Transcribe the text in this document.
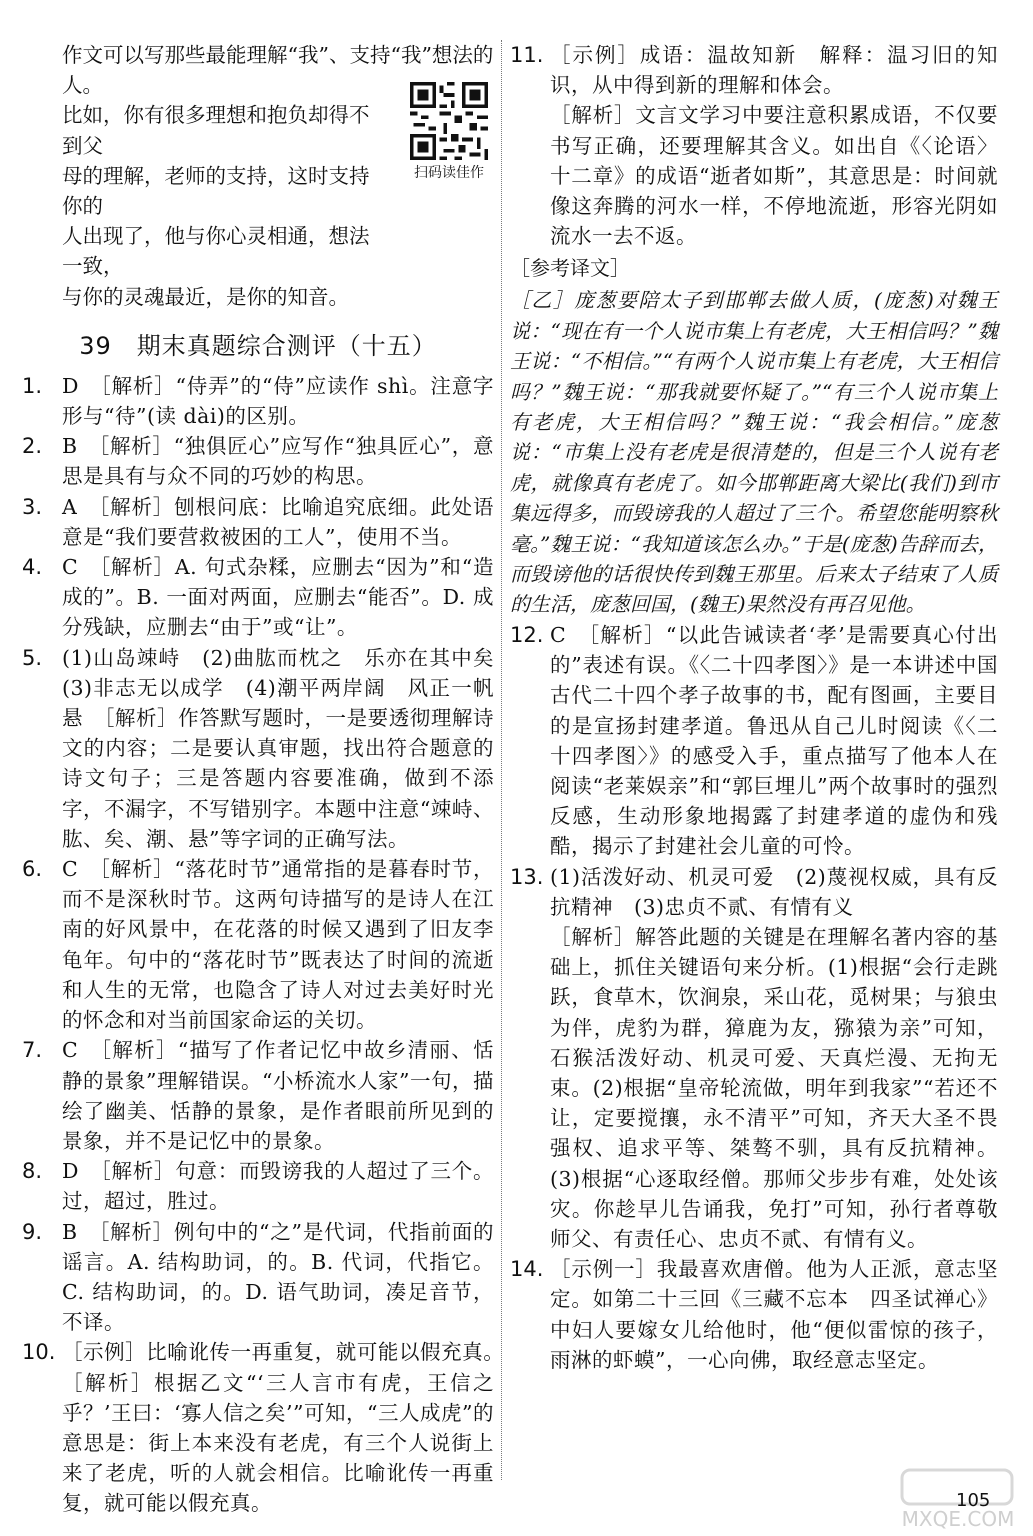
作文可以写那些最能理解“我”、支持“我”想法的人。

比如，你有很多理想和抱负却得不到父

母的理解，老师的支持，这时支持你的

人出现了，他与你心灵相通，想法一致，

与你的灵魂最近，是你的知音。

扫码读佳作
39　期末真题综合测评（十五）
1. D　［解析］“侍弄”的“侍”应读作 shì。注意字形与“待”(读 dài)的区别。

2. B　［解析］“独俱匠心”应写作“独具匠心”，意思是具有与众不同的巧妙的构思。

3. A　［解析］刨根问底：比喻追究底细。此处语意是“我们要营救被困的工人”，使用不当。

4. C　［解析］A. 句式杂糅，应删去“因为”和“造成的”。B. 一面对两面，应删去“能否”。D. 成分残缺，应删去“由于”或“让”。

5. (1)山岛竦峙　(2)曲肱而枕之　乐亦在其中矣　(3)非志无以成学　(4)潮平两岸阔　风正一帆悬　［解析］作答默写题时，一是要透彻理解诗文的内容；二是要认真审题，找出符合题意的诗文句子；三是答题内容要准确，做到不添字，不漏字，不写错别字。本题中注意“竦峙、肱、矣、潮、悬”等字词的正确写法。

6. C　［解析］“落花时节”通常指的是暮春时节，而不是深秋时节。这两句诗描写的是诗人在江南的好风景中，在花落的时候又遇到了旧友李龟年。句中的“落花时节”既表达了时间的流逝和人生的无常，也隐含了诗人对过去美好时光的怀念和对当前国家命运的关切。

7. C　［解析］“描写了作者记忆中故乡清丽、恬静的景象”理解错误。“小桥流水人家”一句，描绘了幽美、恬静的景象，是作者眼前所见到的景象，并不是记忆中的景象。

8. D　［解析］句意：而毁谤我的人超过了三个。过，超过，胜过。

9. B　［解析］例句中的“之”是代词，代指前面的谣言。A. 结构助词，的。B. 代词，代指它。C. 结构助词，的。D. 语气助词，凑足音节，不译。

10. ［示例］比喻讹传一再重复，就可能以假充真。　［解析］根据乙文“‘三人言市有虎，王信之乎？’王曰：‘寡人信之矣’”可知，“三人成虎”的意思是：街上本来没有老虎，有三个人说街上来了老虎，听的人就会相信。比喻讹传一再重复，就可能以假充真。

11. ［示例］成语：温故知新　解释：温习旧的知识，从中得到新的理解和体会。

［解析］文言文学习中要注意积累成语，不仅要书写正确，还要理解其含义。如出自《〈论语〉十二章》的成语“逝者如斯”，其意思是：时间就像这奔腾的河水一样，不停地流逝，形容光阴如流水一去不返。

［参考译文］

［乙］庞葱要陪太子到邯郸去做人质，(庞葱)对魏王说：“现在有一个人说市集上有老虎，大王相信吗？”魏王说：“不相信。”“有两个人说市集上有老虎，大王相信吗？”魏王说：“那我就要怀疑了。”“有三个人说市集上有老虎，大王相信吗？”魏王说：“我会相信。”庞葱说：“市集上没有老虎是很清楚的，但是三个人说有老虎，就像真有老虎了。如今邯郸距离大梁比(我们)到市集远得多，而毁谤我的人超过了三个。希望您能明察秋毫。”魏王说：“我知道该怎么办。”于是(庞葱)告辞而去，而毁谤他的话很快传到魏王那里。后来太子结束了人质的生活，庞葱回国，(魏王)果然没有再召见他。

12. C　［解析］“以此告诫读者‘孝’是需要真心付出的”表述有误。《〈二十四孝图〉》是一本讲述中国古代二十四个孝子故事的书，配有图画，主要目的是宣扬封建孝道。鲁迅从自己儿时阅读《〈二十四孝图〉》的感受入手，重点描写了他本人在阅读“老莱娱亲”和“郭巨埋儿”两个故事时的强烈反感，生动形象地揭露了封建孝道的虚伪和残酷，揭示了封建社会儿童的可怜。

13. (1)活泼好动、机灵可爱　(2)蔑视权威，具有反抗精神　(3)忠贞不贰、有情有义

［解析］解答此题的关键是在理解名著内容的基础上，抓住关键语句来分析。(1)根据“会行走跳跃，食草木，饮涧泉，采山花，觅树果；与狼虫为伴，虎豹为群，獐鹿为友，猕猿为亲”可知，石猴活泼好动、机灵可爱、天真烂漫、无拘无束。(2)根据“皇帝轮流做，明年到我家”“若还不让，定要搅攘，永不清平”可知，齐天大圣不畏强权、追求平等、桀骜不驯，具有反抗精神。(3)根据“心逐取经僧。那师父步步有难，处处该灾。你趁早儿告诵我，免打”可知，孙行者尊敬师父、有责任心、忠贞不贰、有情有义。

14. ［示例一］我最喜欢唐僧。他为人正派，意志坚定。如第二十三回《三藏不忘本　四圣试禅心》中妇人要嫁女儿给他时，他“便似雷惊的孩子，雨淋的虾蟆”，一心向佛，取经意志坚定。

MXQE.COM
105
